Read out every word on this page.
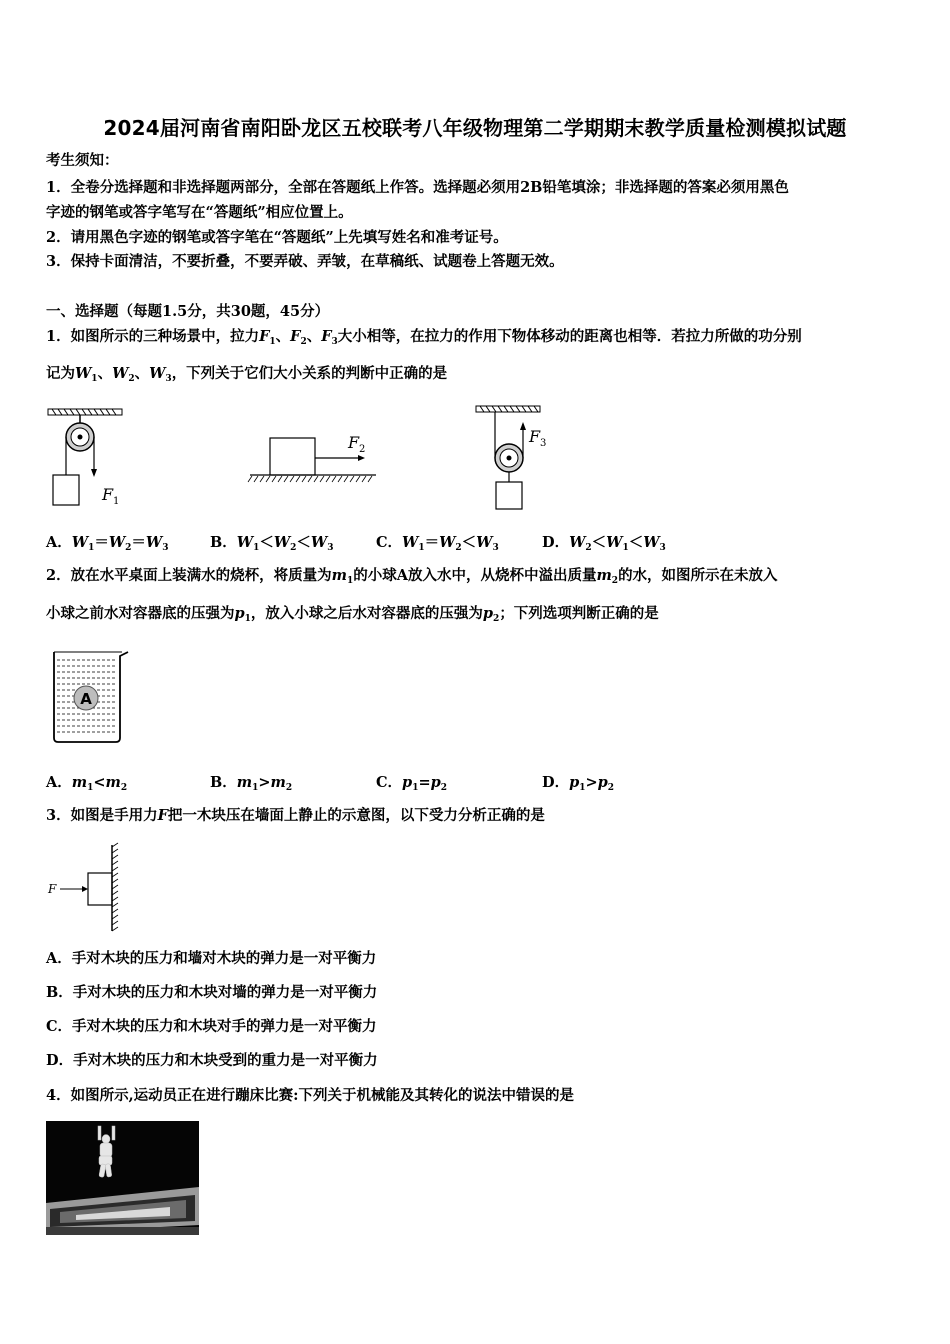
2024届河南省南阳卧龙区五校联考八年级物理第二学期期末教学质量检测模拟试题
考生须知：
1．全卷分选择题和非选择题两部分，全部在答题纸上作答。选择题必须用2B铅笔填涂；非选择题的答案必须用黑色
字迹的钢笔或答字笔写在“答题纸”相应位置上。
2．请用黑色字迹的钢笔或答字笔在“答题纸”上先填写姓名和准考证号。
3．保持卡面清洁，不要折叠，不要弄破、弄皱，在草稿纸、试题卷上答题无效。
一、选择题（每题1.5分，共30题，45分）
1．如图所示的三种场景中，拉力$F_1$、$F_2$、$F_3$大小相等，在拉力的作用下物体移动的距离也相等．若拉力所做的功分别
记为$W_1$、$W_2$、$W_3$，下列关于它们大小关系的判断中正确的是
F 1
F 2
F 3
A．$W_1=W_2=W_3$	B．$W_1<W_2<W_3$	C．$W_1=W_2<W_3$	D．$W_2<W_1<W_3$
2．放在水平桌面上装满水的烧杯，将质量为$m_1$的小球A放入水中，从烧杯中溢出质量$m_2$的水，如图所示在未放入
小球之前水对容器底的压强为$p_1$，放入小球之后水对容器底的压强为$p_2$；下列选项判断正确的是
A
A．$m_1<m_2$	B．$m_1>m_2$	C．$p_1=p_2$	D．$p_1>p_2$
3．如图是手用力F把一木块压在墙面上静止的示意图，以下受力分析正确的是
F
A．手对木块的压力和墙对木块的弹力是一对平衡力
B．手对木块的压力和木块对墙的弹力是一对平衡力
C．手对木块的压力和木块对手的弹力是一对平衡力
D．手对木块的压力和木块受到的重力是一对平衡力
4．如图所示,运动员正在进行蹦床比赛:下列关于机械能及其转化的说法中错误的是
